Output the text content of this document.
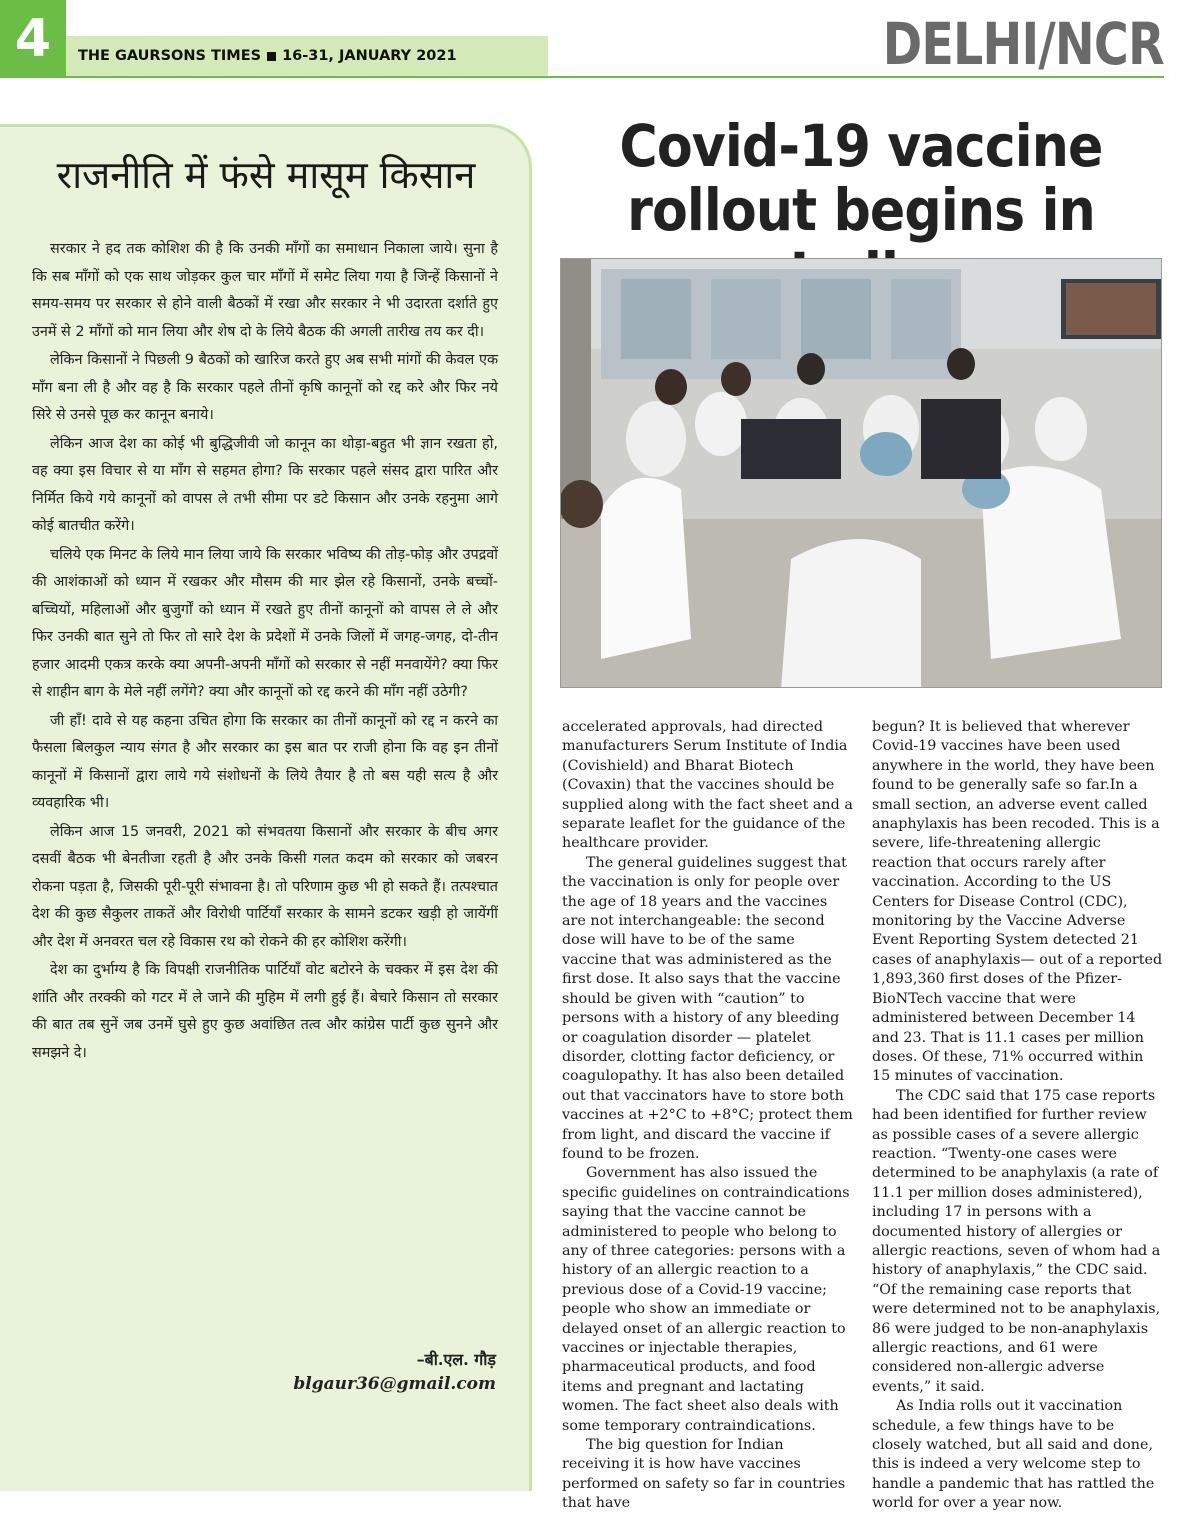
4	THE GAURSONS TIMES 16-31, JANUARY 2021	DELHI/NCR
राजनीति में फंसे मासूम किसान

सरकार ने हद तक कोशिश की है कि उनकी माँगों का समाधान निकाला जाये। सुना है कि सब माँगों को एक साथ जोड़कर कुल चार माँगों में समेट लिया गया है जिन्हें किसानों ने समय-समय पर सरकार से होने वाली बैठकों में रखा और सरकार ने भी उदारता दर्शाते हुए उनमें से 2 माँगों को मान लिया और शेष दो के लिये बैठक की अगली तारीख तय कर दी।

लेकिन किसानों ने पिछली 9 बैठकों को खारिज करते हुए अब सभी मांगों की केवल एक माँग बना ली है और वह है कि सरकार पहले तीनों कृषि कानूनों को रद्द करे और फिर नये सिरे से उनसे पूछ कर कानून बनाये।

लेकिन आज देश का कोई भी बुद्धिजीवी जो कानून का थोड़ा-बहुत भी ज्ञान रखता हो, वह क्या इस विचार से या माँग से सहमत होगा? कि सरकार पहले संसद द्वारा पारित और निर्मित किये गये कानूनों को वापस ले तभी सीमा पर डटे किसान और उनके रहनुमा आगे कोई बातचीत करेंगे।

चलिये एक मिनट के लिये मान लिया जाये कि सरकार भविष्य की तोड़-फोड़ और उपद्रवों की आशंकाओं को ध्यान में रखकर और मौसम की मार झेल रहे किसानों, उनके बच्चों-बच्चियों, महिलाओं और बुजुर्गों को ध्यान में रखते हुए तीनों कानूनों को वापस ले ले और फिर उनकी बात सुने तो फिर तो सारे देश के प्रदेशों में उनके जिलों में जगह-जगह, दो-तीन हजार आदमी एकत्र करके क्या अपनी-अपनी माँगों को सरकार से नहीं मनवायेंगे? क्या फिर से शाहीन बाग के मेले नहीं लगेंगे? क्या और कानूनों को रद्द करने की माँग नहीं उठेगी?

जी हाँ! दावे से यह कहना उचित होगा कि सरकार का तीनों कानूनों को रद्द न करने का फैसला बिलकुल न्याय संगत है और सरकार का इस बात पर राजी होना कि वह इन तीनों कानूनों में किसानों द्वारा लाये गये संशोधनों के लिये तैयार है तो बस यही सत्य है और व्यवहारिक भी।

लेकिन आज 15 जनवरी, 2021 को संभवतया किसानों और सरकार के बीच अगर दसवीं बैठक भी बेनतीजा रहती है और उनके किसी गलत कदम को सरकार को जबरन रोकना पड़ता है, जिसकी पूरी-पूरी संभावना है। तो परिणाम कुछ भी हो सकते हैं। तत्पश्चात देश की कुछ सैकुलर ताकतें और विरोधी पार्टियाँ सरकार के सामने डटकर खड़ी हो जायेंगीं और देश में अनवरत चल रहे विकास रथ को रोकने की हर कोशिश करेंगी।

देश का दुर्भाग्य है कि विपक्षी राजनीतिक पार्टियाँ वोट बटोरने के चक्कर में इस देश की शांति और तरक्की को गटर में ले जाने की मुहिम में लगी हुई हैं। बेचारे किसान तो सरकार की बात तब सुनें जब उनमें घुसे हुए कुछ अवांछित तत्व और कांग्रेस पार्टी कुछ सुनने और समझने दे।

–बी.एल. गौड़
blgaur36@gmail.com
Covid-19 vaccine
rollout begins in

accelerated approvals, had directed manufacturers Serum Institute of India (Covishield) and Bharat Biotech (Covaxin) that the vaccines should be supplied along with the fact sheet and a separate leaflet for the guidance of the healthcare provider.

The general guidelines suggest that the vaccination is only for people over the age of 18 years and the vaccines are not interchangeable: the second dose will have to be of the same vaccine that was administered as the first dose. It also says that the vaccine should be given with “caution” to persons with a history of any bleeding or coagulation disorder — platelet disorder, clotting factor deficiency, or coagulopathy. It has also been detailed out that vaccinators have to store both vaccines at +2°C to +8°C; protect them from light, and discard the vaccine if found to be frozen.

Government has also issued the specific guidelines on contraindications saying that the vaccine cannot be administered to people who belong to any of three categories: persons with a history of an allergic reaction to a previous dose of a Covid-19 vaccine; people who show an immediate or delayed onset of an allergic reaction to vaccines or injectable therapies, pharmaceutical products, and food items and pregnant and lactating women. The fact sheet also deals with some temporary contraindications.

The big question for Indian receiving it is how have vaccines performed on safety so far in countries that have

begun? It is believed that wherever Covid-19 vaccines have been used anywhere in the world, they have been found to be generally safe so far.In a small section, an adverse event called anaphylaxis has been recoded. This is a severe, life-threatening allergic reaction that occurs rarely after vaccination. According to the US Centers for Disease Control (CDC), monitoring by the Vaccine Adverse Event Reporting System detected 21 cases of anaphylaxis— out of a reported 1,893,360 first doses of the Pfizer-BioNTech vaccine that were administered between December 14 and 23. That is 11.1 cases per million doses. Of these, 71% occurred within 15 minutes of vaccination.

The CDC said that 175 case reports had been identified for further review as possible cases of a severe allergic reaction. “Twenty-one cases were determined to be anaphylaxis (a rate of 11.1 per million doses administered), including 17 in persons with a documented history of allergies or allergic reactions, seven of whom had a history of anaphylaxis,” the CDC said. “Of the remaining case reports that were determined not to be anaphylaxis, 86 were judged to be non-anaphylaxis allergic reactions, and 61 were considered non-allergic adverse events,” it said.

As India rolls out it vaccination schedule, a few things have to be closely watched, but all said and done, this is indeed a very welcome step to handle a pandemic that has rattled the world for over a year now.
